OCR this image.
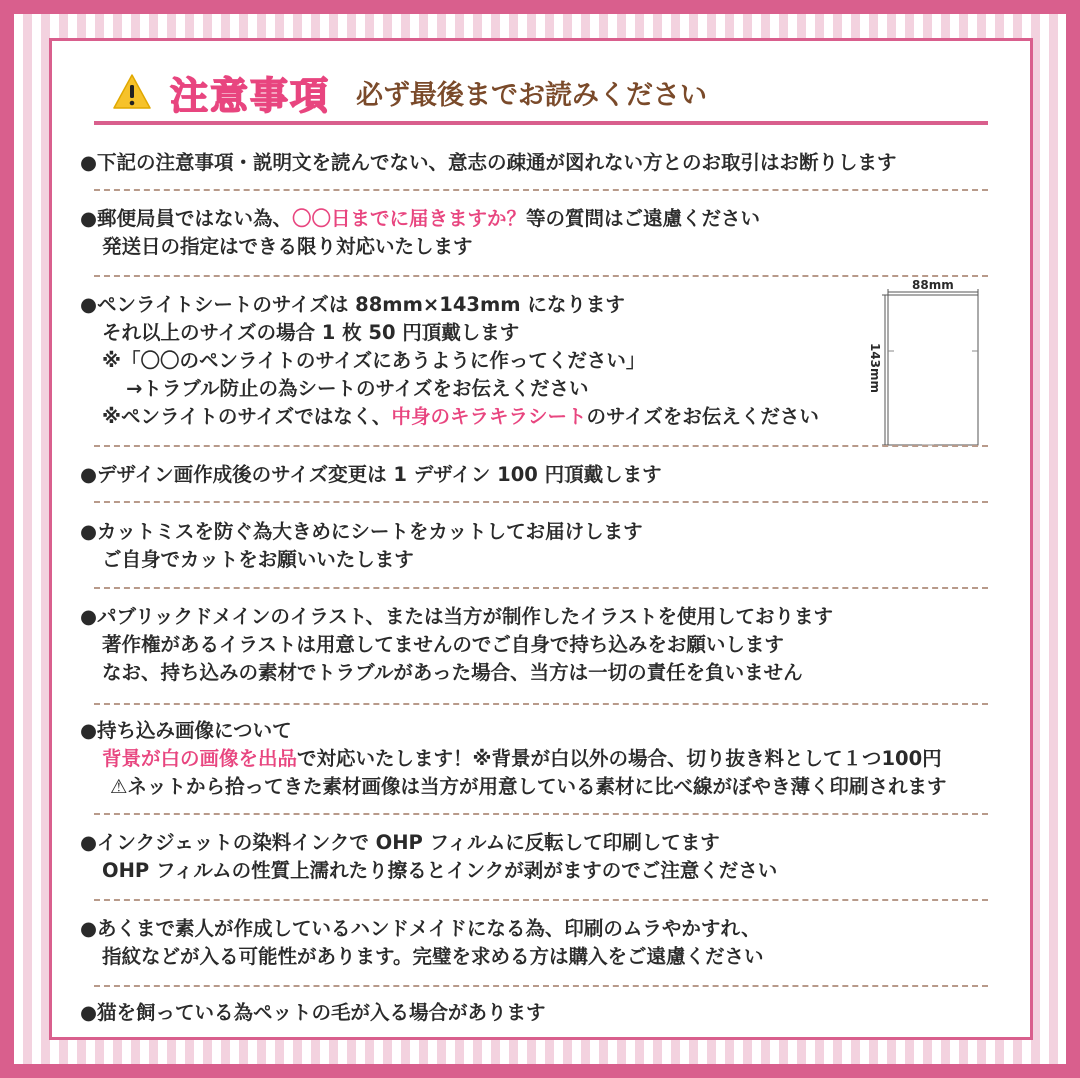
注意事項 必ず最後までお読みください
●下記の注意事項・説明文を読んでない、意志の疎通が図れない方とのお取引はお断りします
●郵便局員ではない為、〇〇日までに届きますか？等の質問はご遠慮ください
発送日の指定はできる限り対応いたします
●ペンライトシートのサイズは 88mm×143mm になります
それ以上のサイズの場合 1 枚 50 円頂戴します
※「〇〇のペンライトのサイズにあうように作ってください」
→トラブル防止の為シートのサイズをお伝えください
※ペンライトのサイズではなく、中身のキラキラシートのサイズをお伝えください
88mm
143mm
●デザイン画作成後のサイズ変更は 1 デザイン 100 円頂戴します
●カットミスを防ぐ為大きめにシートをカットしてお届けします
ご自身でカットをお願いいたします
●パブリックドメインのイラスト、または当方が制作したイラストを使用しております
著作権があるイラストは用意してませんのでご自身で持ち込みをお願いします
なお、持ち込みの素材でトラブルがあった場合、当方は一切の責任を負いません
●持ち込み画像について
背景が白の画像を出品で対応いたします！※背景が白以外の場合、切り抜き料として１つ100円
⚠ネットから拾ってきた素材画像は当方が用意している素材に比べ線がぼやき薄く印刷されます
●インクジェットの染料インクで OHP フィルムに反転して印刷してます
OHP フィルムの性質上濡れたり擦るとインクが剥がますのでご注意ください
●あくまで素人が作成しているハンドメイドになる為、印刷のムラやかすれ、
指紋などが入る可能性があります。完璧を求める方は購入をご遠慮ください
●猫を飼っている為ペットの毛が入る場合があります
